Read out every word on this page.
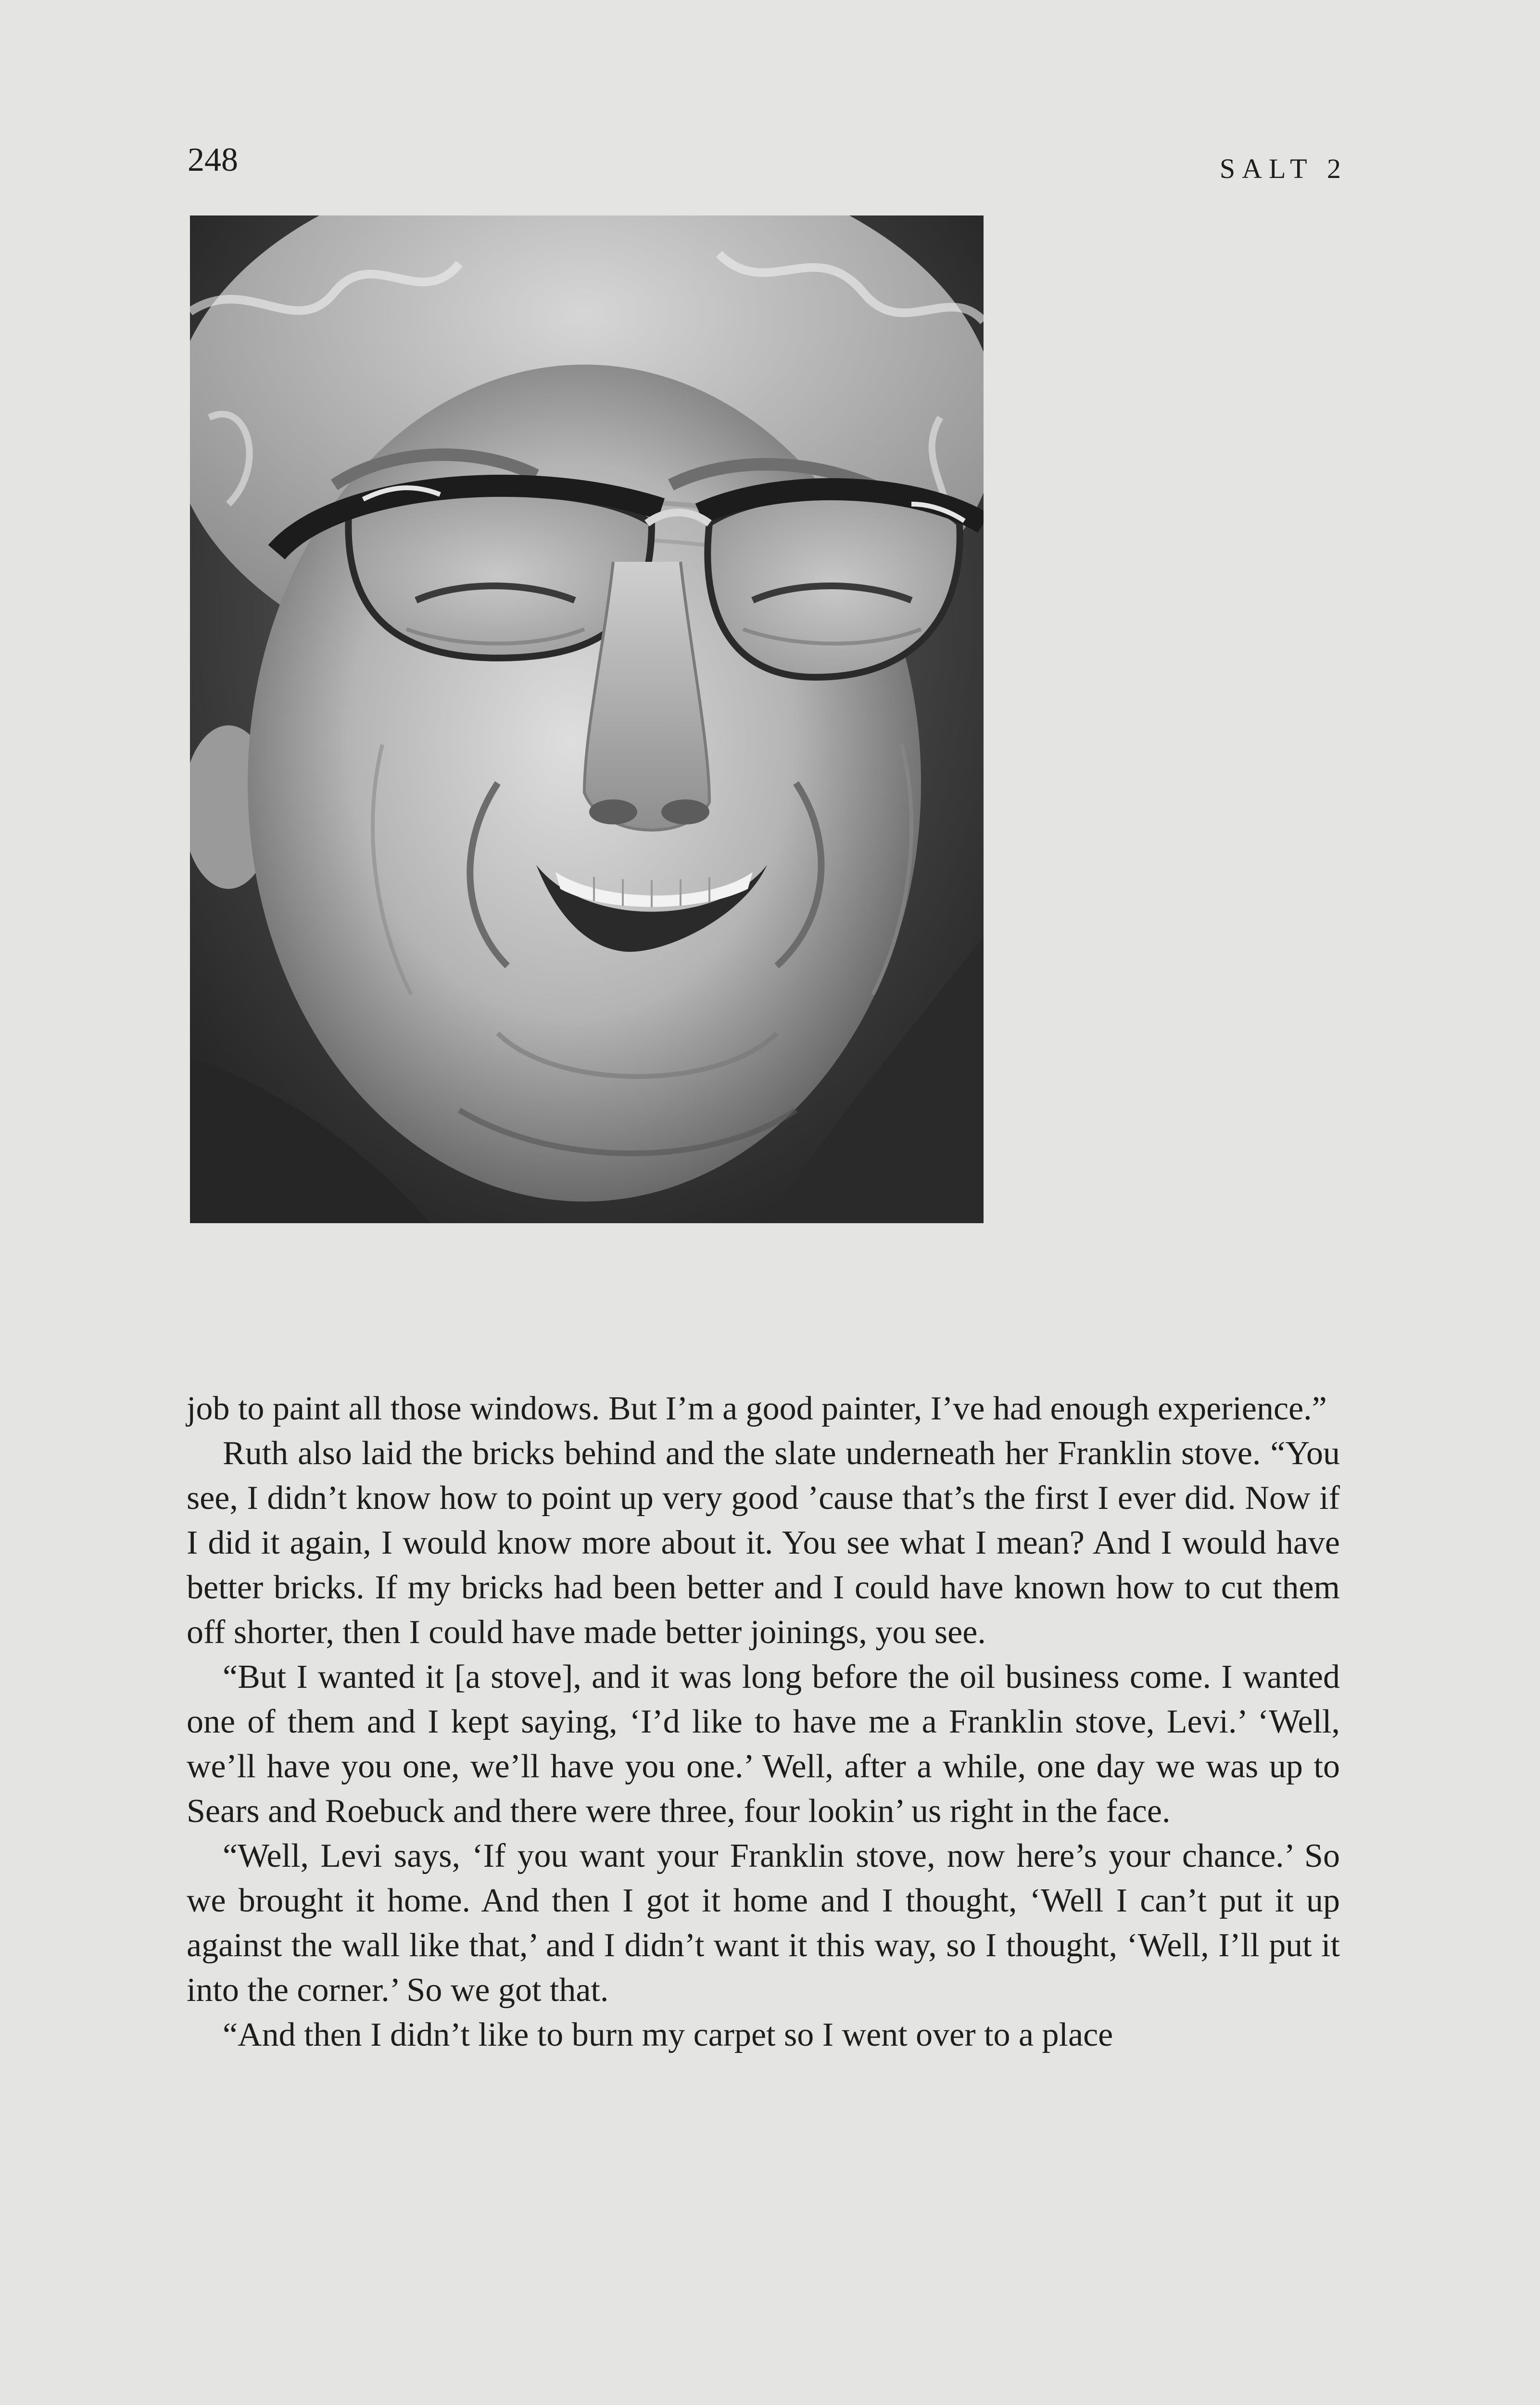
248	SALT 2

job to paint all those windows. But I’m a good painter, I’ve had enough experience.”

Ruth also laid the bricks behind and the slate underneath her Franklin stove. “You see, I didn’t know how to point up very good ’cause that’s the first I ever did. Now if I did it again, I would know more about it. You see what I mean? And I would have better bricks. If my bricks had been better and I could have known how to cut them off shorter, then I could have made better joinings, you see.

“But I wanted it [a stove], and it was long before the oil business come. I wanted one of them and I kept saying, ‘I’d like to have me a Franklin stove, Levi.’ ‘Well, we’ll have you one, we’ll have you one.’ Well, after a while, one day we was up to Sears and Roebuck and there were three, four lookin’ us right in the face.

“Well, Levi says, ‘If you want your Franklin stove, now here’s your chance.’ So we brought it home. And then I got it home and I thought, ‘Well I can’t put it up against the wall like that,’ and I didn’t want it this way, so I thought, ‘Well, I’ll put it into the corner.’ So we got that.

“And then I didn’t like to burn my carpet so I went over to a place
